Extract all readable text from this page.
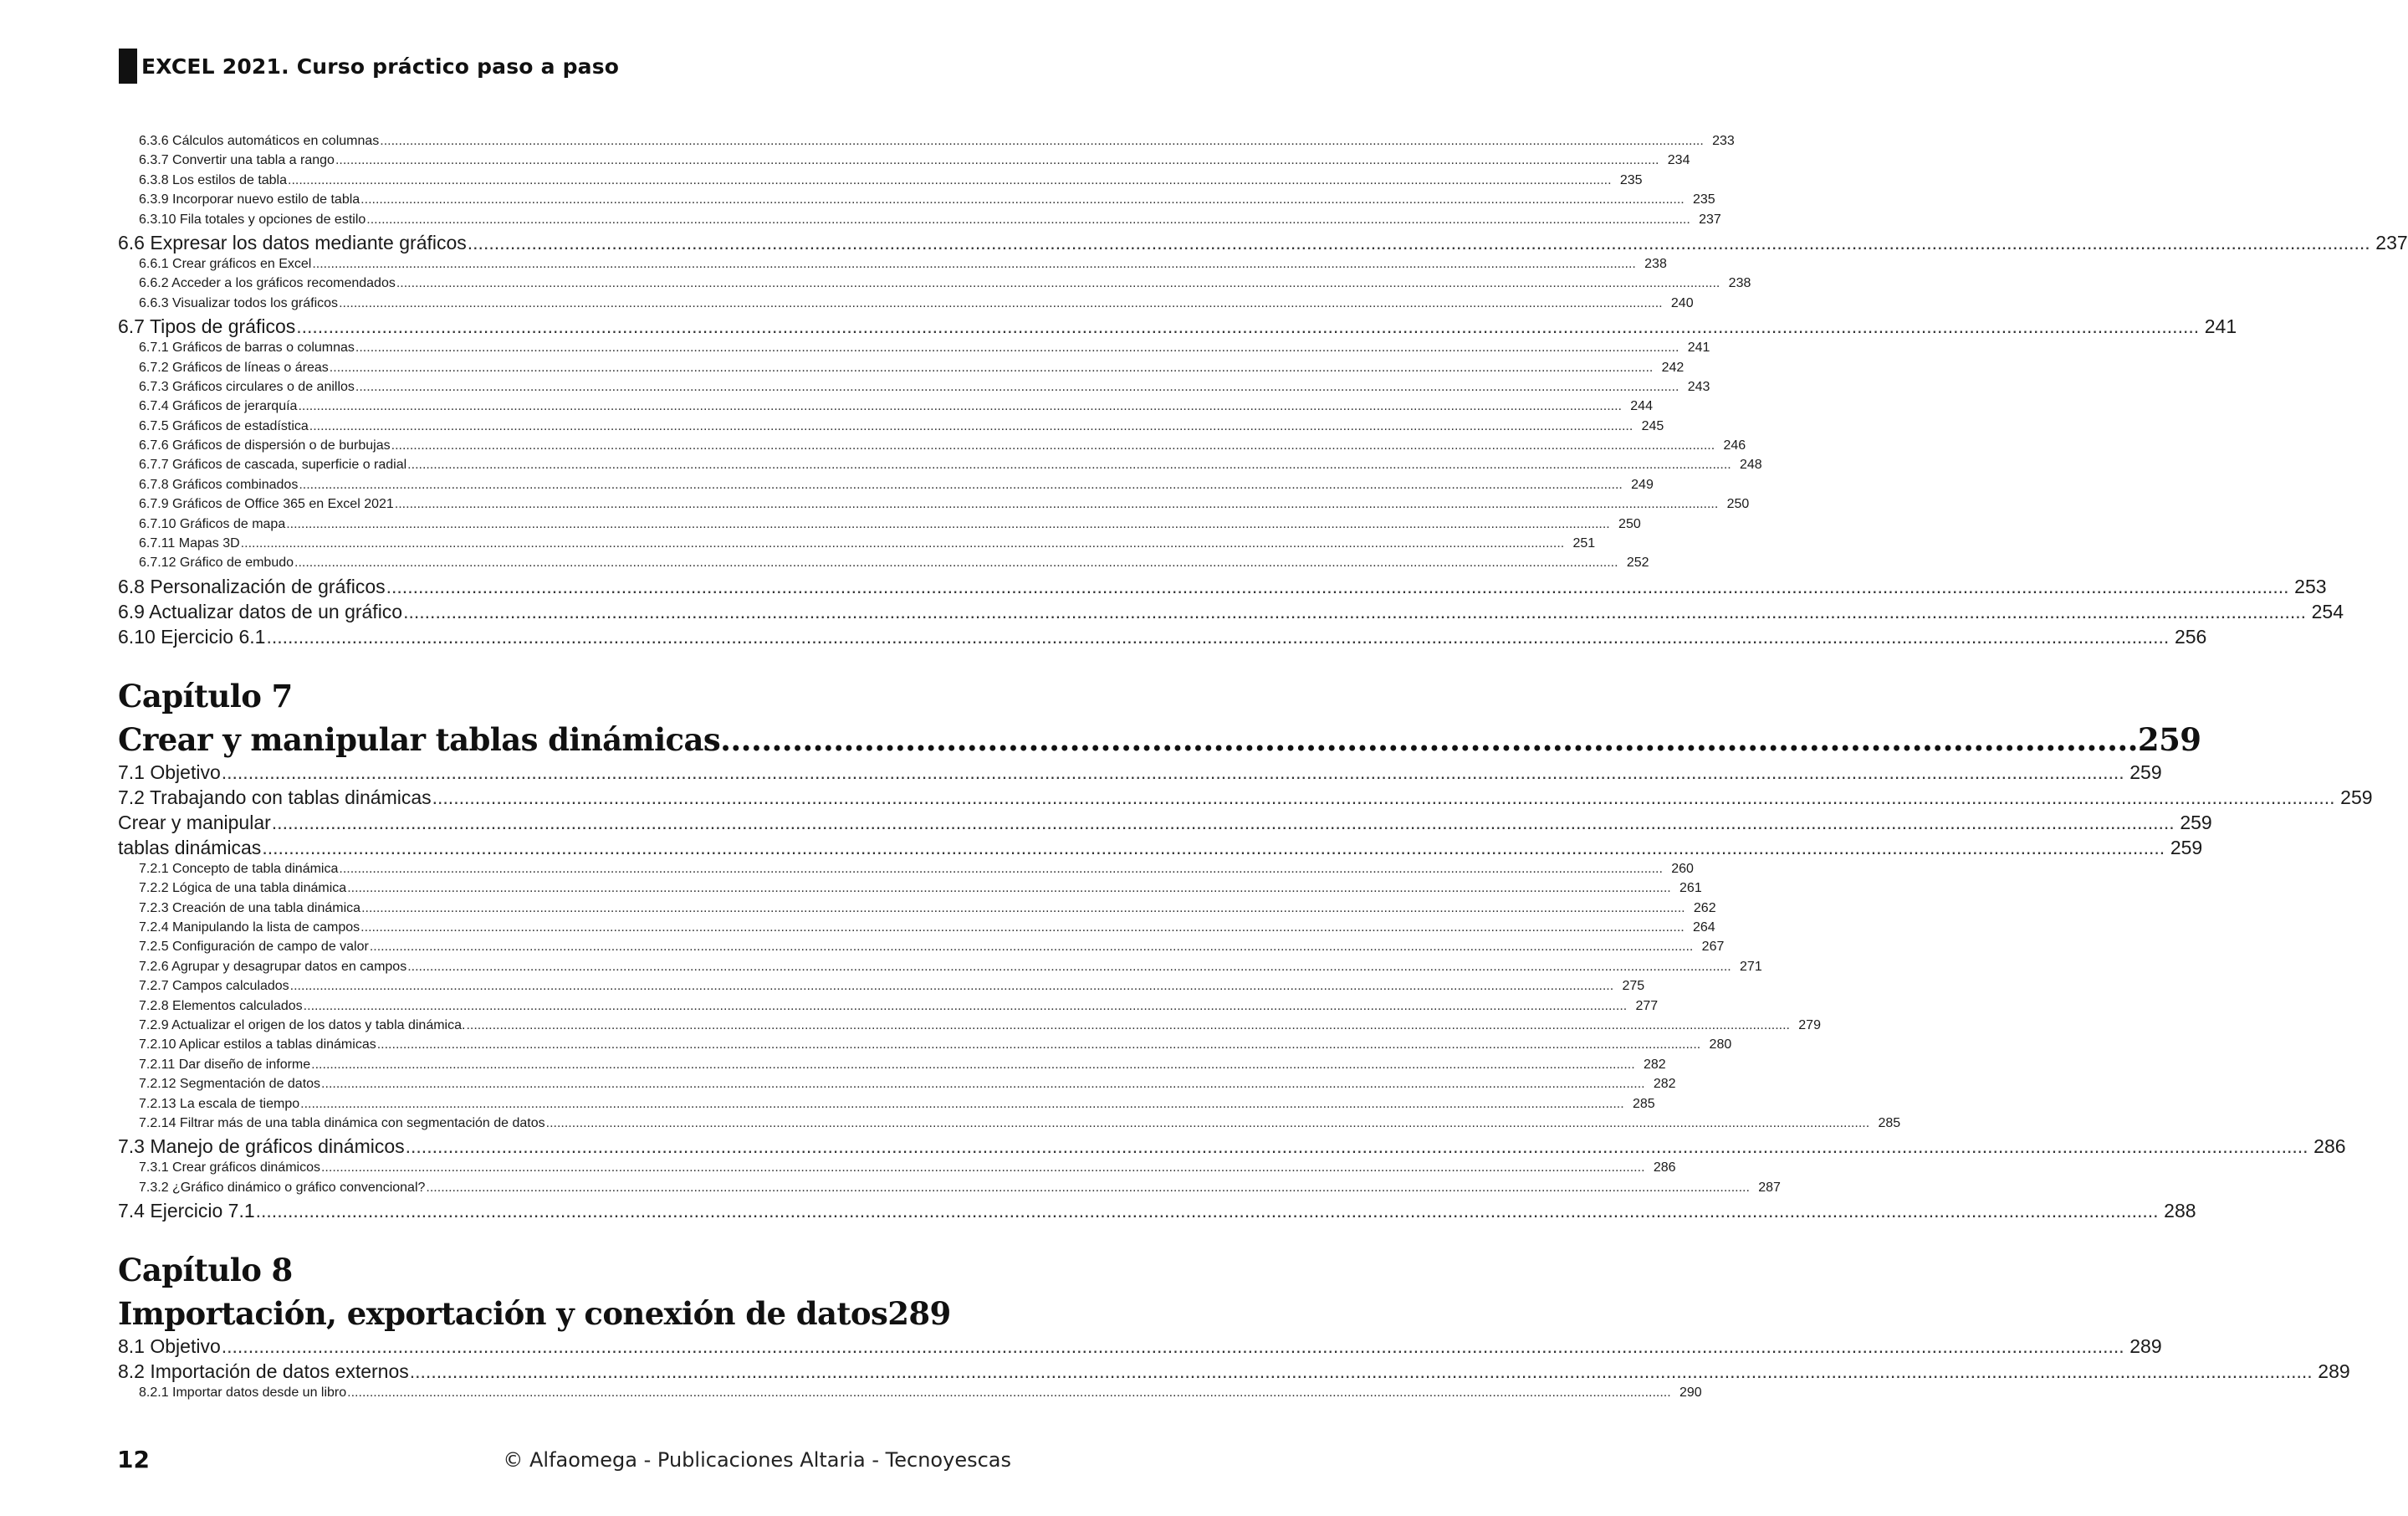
EXCEL 2021. Curso práctico paso a paso
6.3.6 Cálculos automáticos en columnas .....	233
6.3.7 Convertir una tabla a rango .....	234
6.3.8 Los estilos de tabla .....	235
6.3.9 Incorporar nuevo estilo de tabla .....	235
6.3.10 Fila totales y opciones de estilo .....	237
6.6 Expresar los datos mediante gráficos .....	237
6.6.1 Crear gráficos en Excel .....	238
6.6.2 Acceder a los gráficos recomendados .....	238
6.6.3 Visualizar todos los gráficos .....	240
6.7 Tipos de gráficos .....	241
6.7.1 Gráficos de barras o columnas .....	241
6.7.2 Gráficos de líneas o áreas .....	242
6.7.3 Gráficos circulares o de anillos .....	243
6.7.4 Gráficos de jerarquía .....	244
6.7.5 Gráficos de estadística .....	245
6.7.6 Gráficos de dispersión o de burbujas .....	246
6.7.7 Gráficos de cascada, superficie o radial .....	248
6.7.8 Gráficos combinados .....	249
6.7.9 Gráficos de Office 365 en Excel 2021 .....	250
6.7.10 Gráficos de mapa .....	250
6.7.11 Mapas 3D .....	251
6.7.12 Gráfico de embudo .....	252
6.8 Personalización de gráficos .....	253
6.9 Actualizar datos de un gráfico .....	254
6.10 Ejercicio 6.1 .....	256
Capítulo 7
Crear y manipular tablas dinámicas .....	259
7.1 Objetivo .....	259
7.2 Trabajando con tablas dinámicas .....	259
Crear y manipular .....	259
tablas dinámicas .....	259
7.2.1 Concepto de tabla dinámica .....	260
7.2.2 Lógica de una tabla dinámica .....	261
7.2.3 Creación de una tabla dinámica .....	262
7.2.4 Manipulando la lista de campos .....	264
7.2.5 Configuración de campo de valor .....	267
7.2.6 Agrupar y desagrupar datos en campos .....	271
7.2.7 Campos calculados .....	275
7.2.8 Elementos calculados .....	277
7.2.9 Actualizar el origen de los datos y tabla dinámica. .....	279
7.2.10 Aplicar estilos a tablas dinámicas .....	280
7.2.11 Dar diseño de informe .....	282
7.2.12 Segmentación de datos .....	282
7.2.13 La escala de tiempo .....	285
7.2.14 Filtrar más de una tabla dinámica con segmentación de datos .....	285
7.3 Manejo de gráficos dinámicos .....	286
7.3.1 Crear gráficos dinámicos .....	286
7.3.2 ¿Gráfico dinámico o gráfico convencional? .....	287
7.4 Ejercicio 7.1 .....	288
Capítulo 8
Importación, exportación y conexión de datos 289
8.1 Objetivo .....	289
8.2 Importación de datos externos .....	289
8.2.1 Importar datos desde un libro .....	290
12	© Alfaomega - Publicaciones Altaria - Tecnoyescas
